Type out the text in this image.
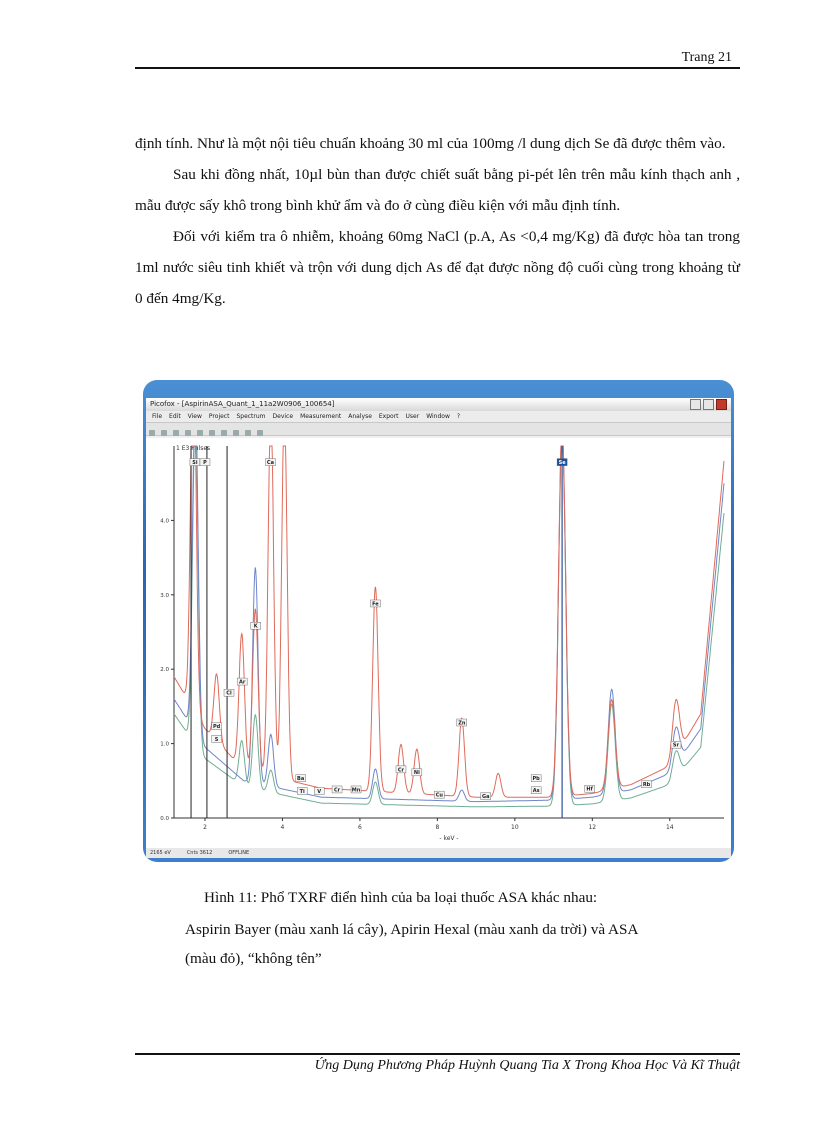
Trang 21

định tính. Như là một nội tiêu chuẩn khoảng 30 ml của 100mg /l dung dịch Se đã được thêm vào.

Sau khi đồng nhất, 10µl bùn than được chiết suất bằng pi-pét lên trên mẫu kính thạch anh , mẫu được sấy khô trong bình khử ẩm và đo ở cùng điều kiện với mẫu định tính.

Đối với kiểm tra ô nhiễm, khoảng 60mg NaCl (p.A, As <0,4 mg/Kg) đã được hòa tan trong 1ml nước siêu tinh khiết và trộn với dung dịch As để đạt được nồng độ cuối cùng trong khoảng từ 0 đến 4mg/Kg.

Picofox - [AspirinASA_Quant_1_11a2W0906_100654]
File Edit View Project Spectrum Device Measurement Analyse Export User Window ?
1 E3 Pulses
- keV -
0.0
1.0
2.0
3.0
4.0
2	4	6	8	10	12	14
Si P	Ca	Se
Fe
K
Ar
Cl
Pd
S
Zn
Sr
Cr Ni
Pb
As
Ba
Ti	V	Cr Mn
Cu	Ga
Hf
Rb
2165 eV	Cnts 3612	OFFLINE
Hình 11: Phổ TXRF điển hình của ba loại thuốc ASA khác nhau:
Aspirin Bayer (màu xanh lá cây), Apirin Hexal (màu xanh da trời) và ASA
(màu đỏ), “không tên”
Ứng Dụng Phương Pháp Huỳnh Quang Tia X Trong Khoa Học Và Kĩ Thuật
